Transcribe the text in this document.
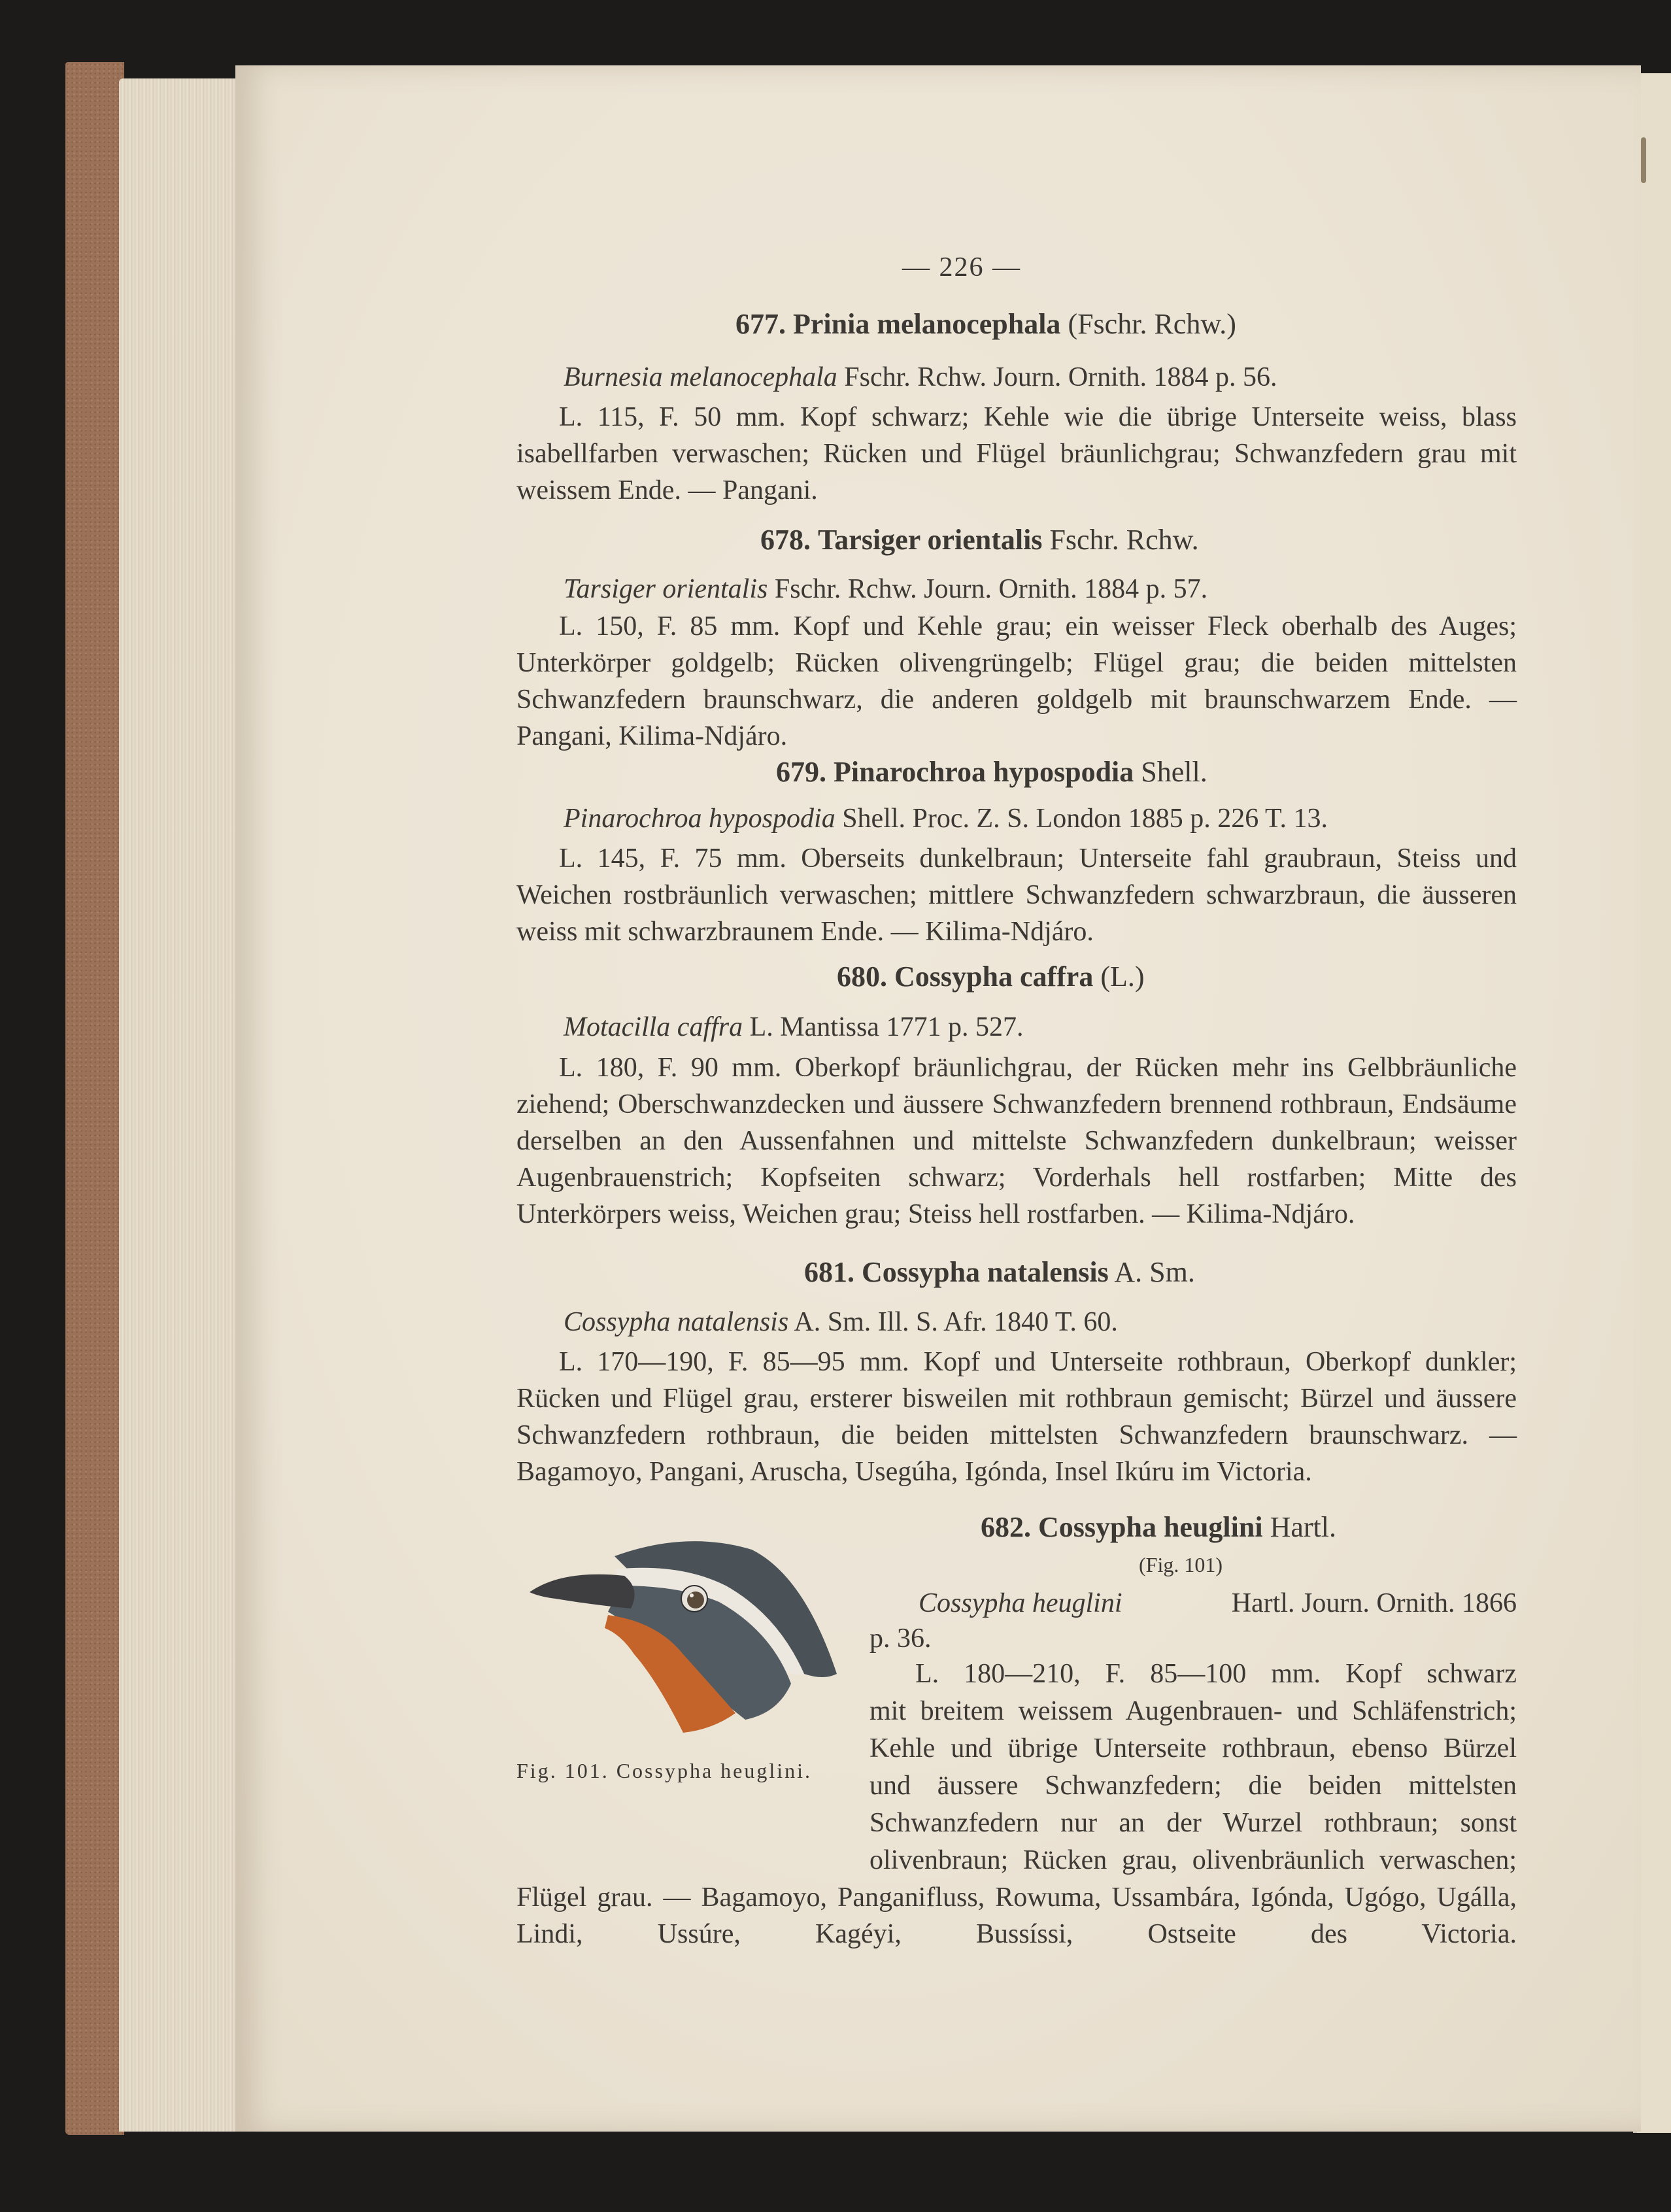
— 226 —
677. Prinia melanocephala (Fschr. Rchw.)
Burnesia melanocephala Fschr. Rchw. Journ. Ornith. 1884 p. 56.
L. 115, F. 50 mm. Kopf schwarz; Kehle wie die übrige Unterseite weiss, blass isabellfarben verwaschen; Rücken und Flügel bräunlichgrau; Schwanzfedern grau mit weissem Ende. — Pangani.
678. Tarsiger orientalis Fschr. Rchw.
Tarsiger orientalis Fschr. Rchw. Journ. Ornith. 1884 p. 57.
L. 150, F. 85 mm. Kopf und Kehle grau; ein weisser Fleck oberhalb des Auges; Unterkörper goldgelb; Rücken olivengrüngelb; Flügel grau; die beiden mittelsten Schwanzfedern braunschwarz, die anderen goldgelb mit braunschwarzem Ende. — Pangani, Kilima-Ndjáro.
679. Pinarochroa hypospodia Shell.
Pinarochroa hypospodia Shell. Proc. Z. S. London 1885 p. 226 T. 13.
L. 145, F. 75 mm. Oberseits dunkelbraun; Unterseite fahl graubraun, Steiss und Weichen rostbräunlich verwaschen; mittlere Schwanzfedern schwarzbraun, die äusseren weiss mit schwarzbraunem Ende. — Kilima-Ndjáro.
680. Cossypha caffra (L.)
Motacilla caffra L. Mantissa 1771 p. 527.
L. 180, F. 90 mm. Oberkopf bräunlichgrau, der Rücken mehr ins Gelbbräunliche ziehend; Oberschwanzdecken und äussere Schwanzfedern brennend rothbraun, Endsäume derselben an den Aussenfahnen und mittelste Schwanzfedern dunkelbraun; weisser Augenbrauenstrich; Kopfseiten schwarz; Vorderhals hell rostfarben; Mitte des Unterkörpers weiss, Weichen grau; Steiss hell rostfarben. — Kilima-Ndjáro.
681. Cossypha natalensis A. Sm.
Cossypha natalensis A. Sm. Ill. S. Afr. 1840 T. 60.
L. 170—190, F. 85—95 mm. Kopf und Unterseite rothbraun, Oberkopf dunkler; Rücken und Flügel grau, ersterer bisweilen mit rothbraun gemischt; Bürzel und äussere Schwanzfedern rothbraun, die beiden mittelsten Schwanzfedern braunschwarz. — Bagamoyo, Pangani, Aruscha, Usegúha, Igónda, Insel Ikúru im Victoria.
Fig. 101. Cossypha heuglini.
682. Cossypha heuglini Hartl.
(Fig. 101)
Cossypha heuglini	Hartl. Journ. Ornith. 1866
p. 36.
L. 180—210, F. 85—100 mm. Kopf schwarz
mit breitem weissem Augenbrauen- und Schläfenstrich;
Kehle und übrige Unterseite rothbraun, ebenso Bürzel
und äussere Schwanzfedern; die beiden mittelsten
Schwanzfedern nur an der Wurzel rothbraun; sonst
olivenbraun; Rücken grau, olivenbräunlich verwaschen;
Flügel grau. — Bagamoyo, Panganifluss, Rowuma, Ussambára, Igónda, Ugógo, Ugálla, Lindi, Ussúre, Kagéyi, Bussíssi, Ostseite des Victoria.
